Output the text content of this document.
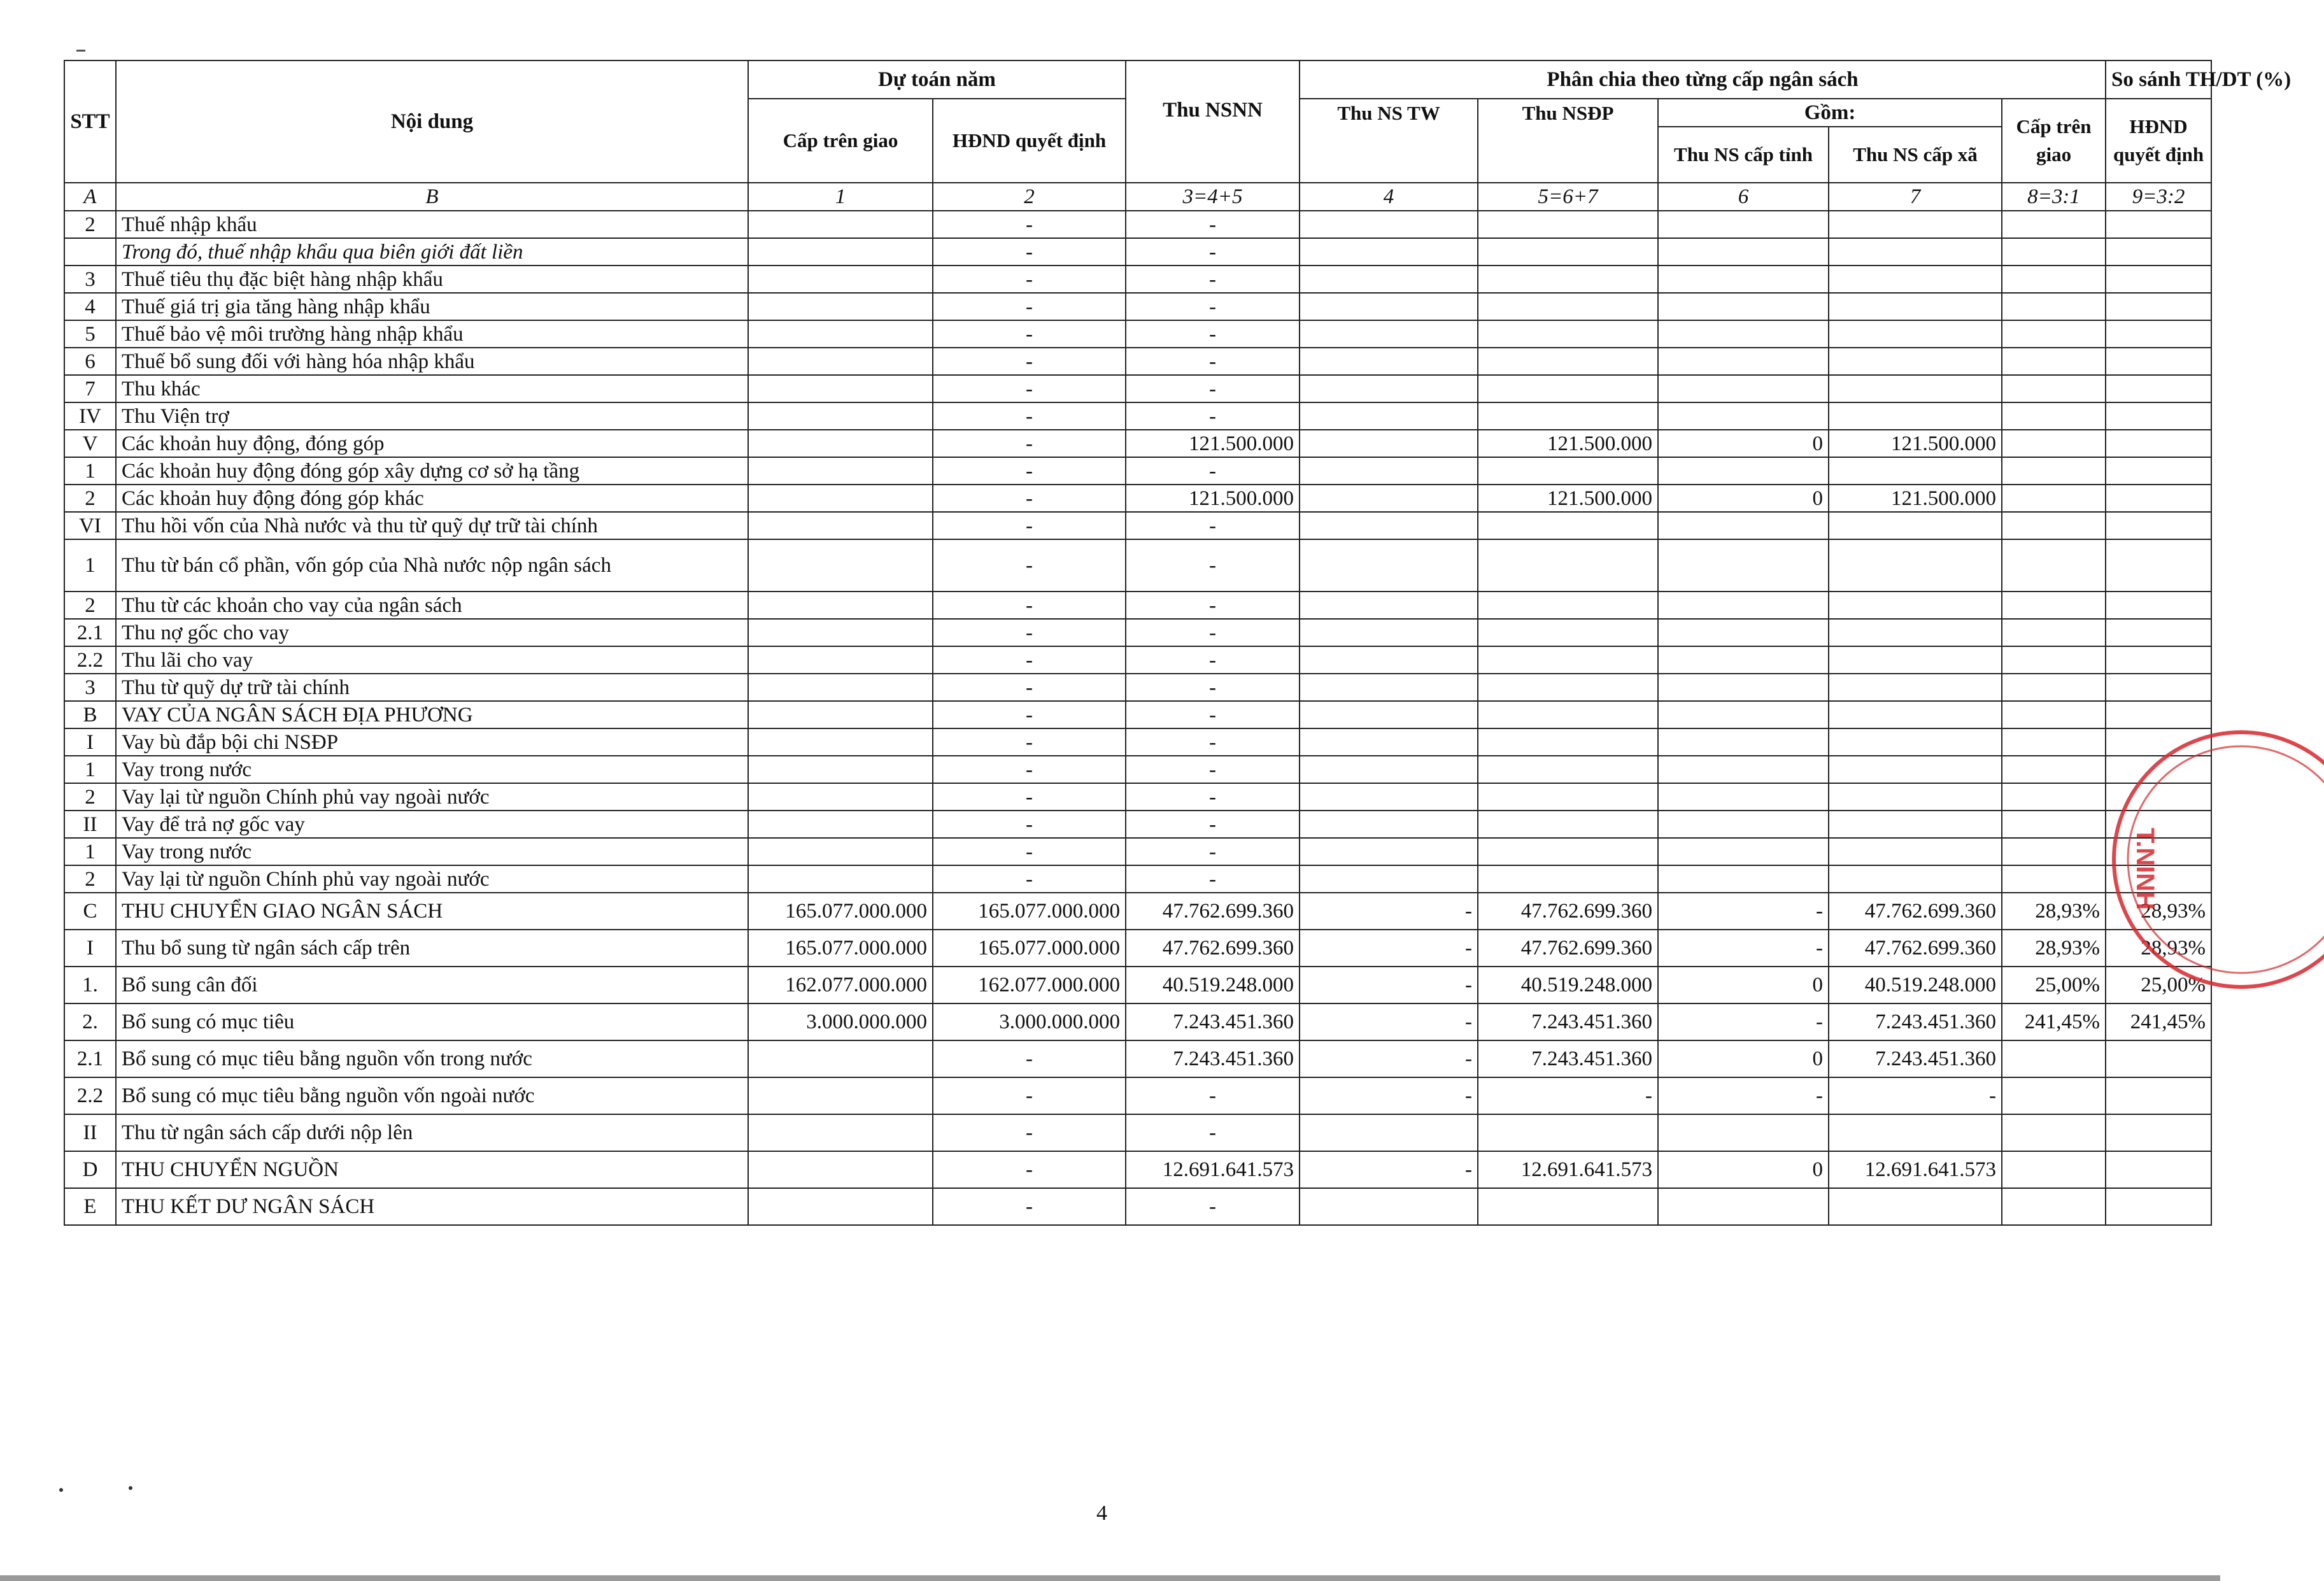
STT	Nội dung	Dự toán năm		Thu NSNN	Phân chia theo từng cấp ngân sách					So sánh TH/DT (%)
		Cấp trên giao	HĐND quyết định		Thu NS TW	Thu NSĐP	Gồm:		Cấp trên giao	HĐND quyết định
							Thu NS cấp tỉnh	Thu NS cấp xã		
A	B	1	2	3=4+5	4	5=6+7	6	7	8=3:1	9=3:2
2	Thuế nhập khẩu		-	-						
	Trong đó, thuế nhập khẩu qua biên giới đất liền		-	-						
3	Thuế tiêu thụ đặc biệt hàng nhập khẩu		-	-						
4	Thuế giá trị gia tăng hàng nhập khẩu		-	-						
5	Thuế bảo vệ môi trường hàng nhập khẩu		-	-						
6	Thuế bổ sung đối với hàng hóa nhập khẩu		-	-						
7	Thu khác		-	-						
IV	Thu Viện trợ		-	-						
V	Các khoản huy động, đóng góp		-	121.500.000		121.500.000	0	121.500.000		
1	Các khoản huy động đóng góp xây dựng cơ sở hạ tầng		-	-						
2	Các khoản huy động đóng góp khác		-	121.500.000		121.500.000	0	121.500.000		
VI	Thu hồi vốn của Nhà nước và thu từ quỹ dự trữ tài chính		-	-						
1	Thu từ bán cổ phần, vốn góp của Nhà nước nộp ngân sách		-	-						
2	Thu từ các khoản cho vay của ngân sách		-	-						
2.1	Thu nợ gốc cho vay		-	-						
2.2	Thu lãi cho vay		-	-						
3	Thu từ quỹ dự trữ tài chính		-	-						
B	VAY CỦA NGÂN SÁCH ĐỊA PHƯƠNG		-	-						
I	Vay bù đắp bội chi NSĐP		-	-						
1	Vay trong nước		-	-						
2	Vay lại từ nguồn Chính phủ vay ngoài nước		-	-						
II	Vay để trả nợ gốc vay		-	-						
1	Vay trong nước		-	-						
2	Vay lại từ nguồn Chính phủ vay ngoài nước		-	-						
C	THU CHUYỂN GIAO NGÂN SÁCH	165.077.000.000	165.077.000.000	47.762.699.360	-	47.762.699.360	-	47.762.699.360	28,93%	28,93%
I	Thu bổ sung từ ngân sách cấp trên	165.077.000.000	165.077.000.000	47.762.699.360	-	47.762.699.360	-	47.762.699.360	28,93%	28,93%
1.	Bổ sung cân đối	162.077.000.000	162.077.000.000	40.519.248.000	-	40.519.248.000	0	40.519.248.000	25,00%	25,00%
2.	Bổ sung có mục tiêu	3.000.000.000	3.000.000.000	7.243.451.360	-	7.243.451.360	-	7.243.451.360	241,45%	241,45%
2.1	Bổ sung có mục tiêu bằng nguồn vốn trong nước		-	7.243.451.360	-	7.243.451.360	0	7.243.451.360		
2.2	Bổ sung có mục tiêu bằng nguồn vốn ngoài nước		-	-	-	-	-	-		
II	Thu từ ngân sách cấp dưới nộp lên		-	-						
D	THU CHUYỂN NGUỒN		-	12.691.641.573	-	12.691.641.573	0	12.691.641.573		
E	THU KẾT DƯ NGÂN SÁCH		-	-						
T.NINH
4
